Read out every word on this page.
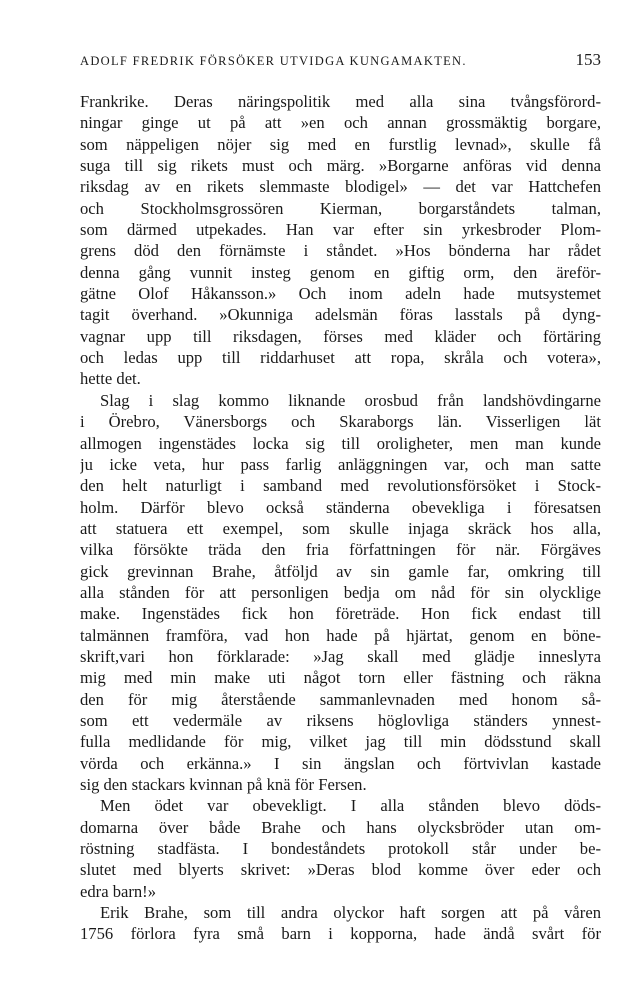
ADOLF FREDRIK FÖRSÖKER UTVIDGA KUNGAMAKTEN.	153
Frankrike. Deras näringspolitik med alla sina tvångsförord-
ningar ginge ut på att »en och annan grossmäktig borgare,
som näppeligen nöjer sig med en furstlig levnad», skulle få
suga till sig rikets must och märg. »Borgarne anföras vid denna
riksdag av en rikets slemmaste blodigel» — det var Hattchefen
och Stockholmsgrossören Kierman, borgarståndets talman,
som därmed utpekades. Han var efter sin yrkesbroder Plom-
grens död den förnämste i ståndet. »Hos bönderna har rådet
denna gång vunnit insteg genom en giftig orm, den äreför-
gätne Olof Håkansson.» Och inom adeln hade mutsystemet
tagit överhand. »Okunniga adelsmän föras lasstals på dyng-
vagnar upp till riksdagen, förses med kläder och förtäring
och ledas upp till riddarhuset att ropa, skråla och votera»,
hette det.
Slag i slag kommo liknande orosbud från landshövdingarne
i Örebro, Vänersborgs och Skaraborgs län. Visserligen lät
allmogen ingenstädes locka sig till oroligheter, men man kunde
ju icke veta, hur pass farlig anläggningen var, och man satte
den helt naturligt i samband med revolutionsförsöket i Stock-
holm. Därför blevo också ständerna obevekliga i föresatsen
att statuera ett exempel, som skulle injaga skräck hos alla,
vilka försökte träda den fria författningen för när. Förgäves
gick grevinnan Brahe, åtföljd av sin gamle far, omkring till
alla stånden för att personligen bedja om nåd för sin olycklige
make. Ingenstädes fick hon företräde. Hon fick endast till
talmännen framföra, vad hon hade på hjärtat, genom en böne-
skrift,vari hon förklarade: »Jag skall med glädje inneslута
mig med min make uti något torn eller fästning och räkna
den för mig återstående sammanlevnaden med honom så-
som ett vedermäle av riksens höglovliga ständers ynnest-
fulla medlidande för mig, vilket jag till min dödsstund skall
vörda och erkänna.» I sin ängslan och förtvivlan kastade
sig den stackars kvinnan på knä för Fersen.
Men ödet var obevekligt. I alla stånden blevo döds-
domarna över både Brahe och hans olycksbröder utan om-
röstning stadfästa. I bondeståndets protokoll står under be-
slutet med blyerts skrivet: »Deras blod komme över eder och
edra barn!»
Erik Brahe, som till andra olyckor haft sorgen att på våren
1756 förlora fyra små barn i kopporna, hade ändå svårt för
